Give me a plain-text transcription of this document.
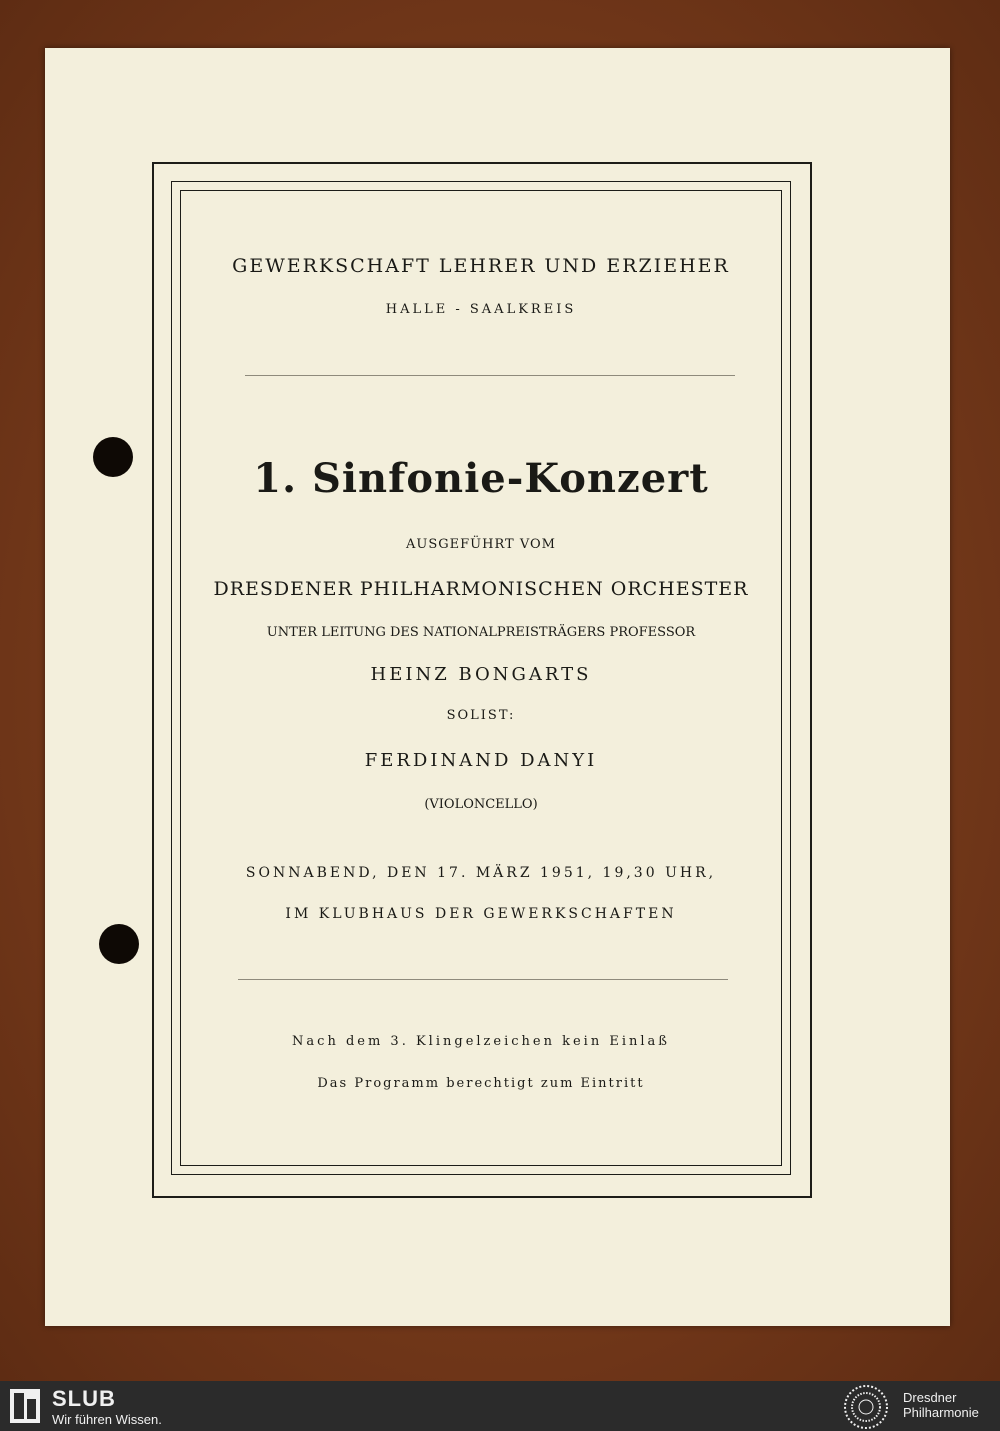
GEWERKSCHAFT LEHRER UND ERZIEHER
HALLE - SAALKREIS
1. Sinfonie-Konzert
AUSGEFÜHRT VOM
DRESDENER PHILHARMONISCHEN ORCHESTER
UNTER LEITUNG DES NATIONALPREISTRÄGERS PROFESSOR
HEINZ BONGARTS
SOLIST:
FERDINAND DANYI
(VIOLONCELLO)
SONNABEND, DEN 17. MÄRZ 1951, 19,30 UHR,
IM KLUBHAUS DER GEWERKSCHAFTEN
Nach dem 3. Klingelzeichen kein Einlaß
Das Programm berechtigt zum Eintritt
SLUB
Wir führen Wissen.
Dresdner
Philharmonie
